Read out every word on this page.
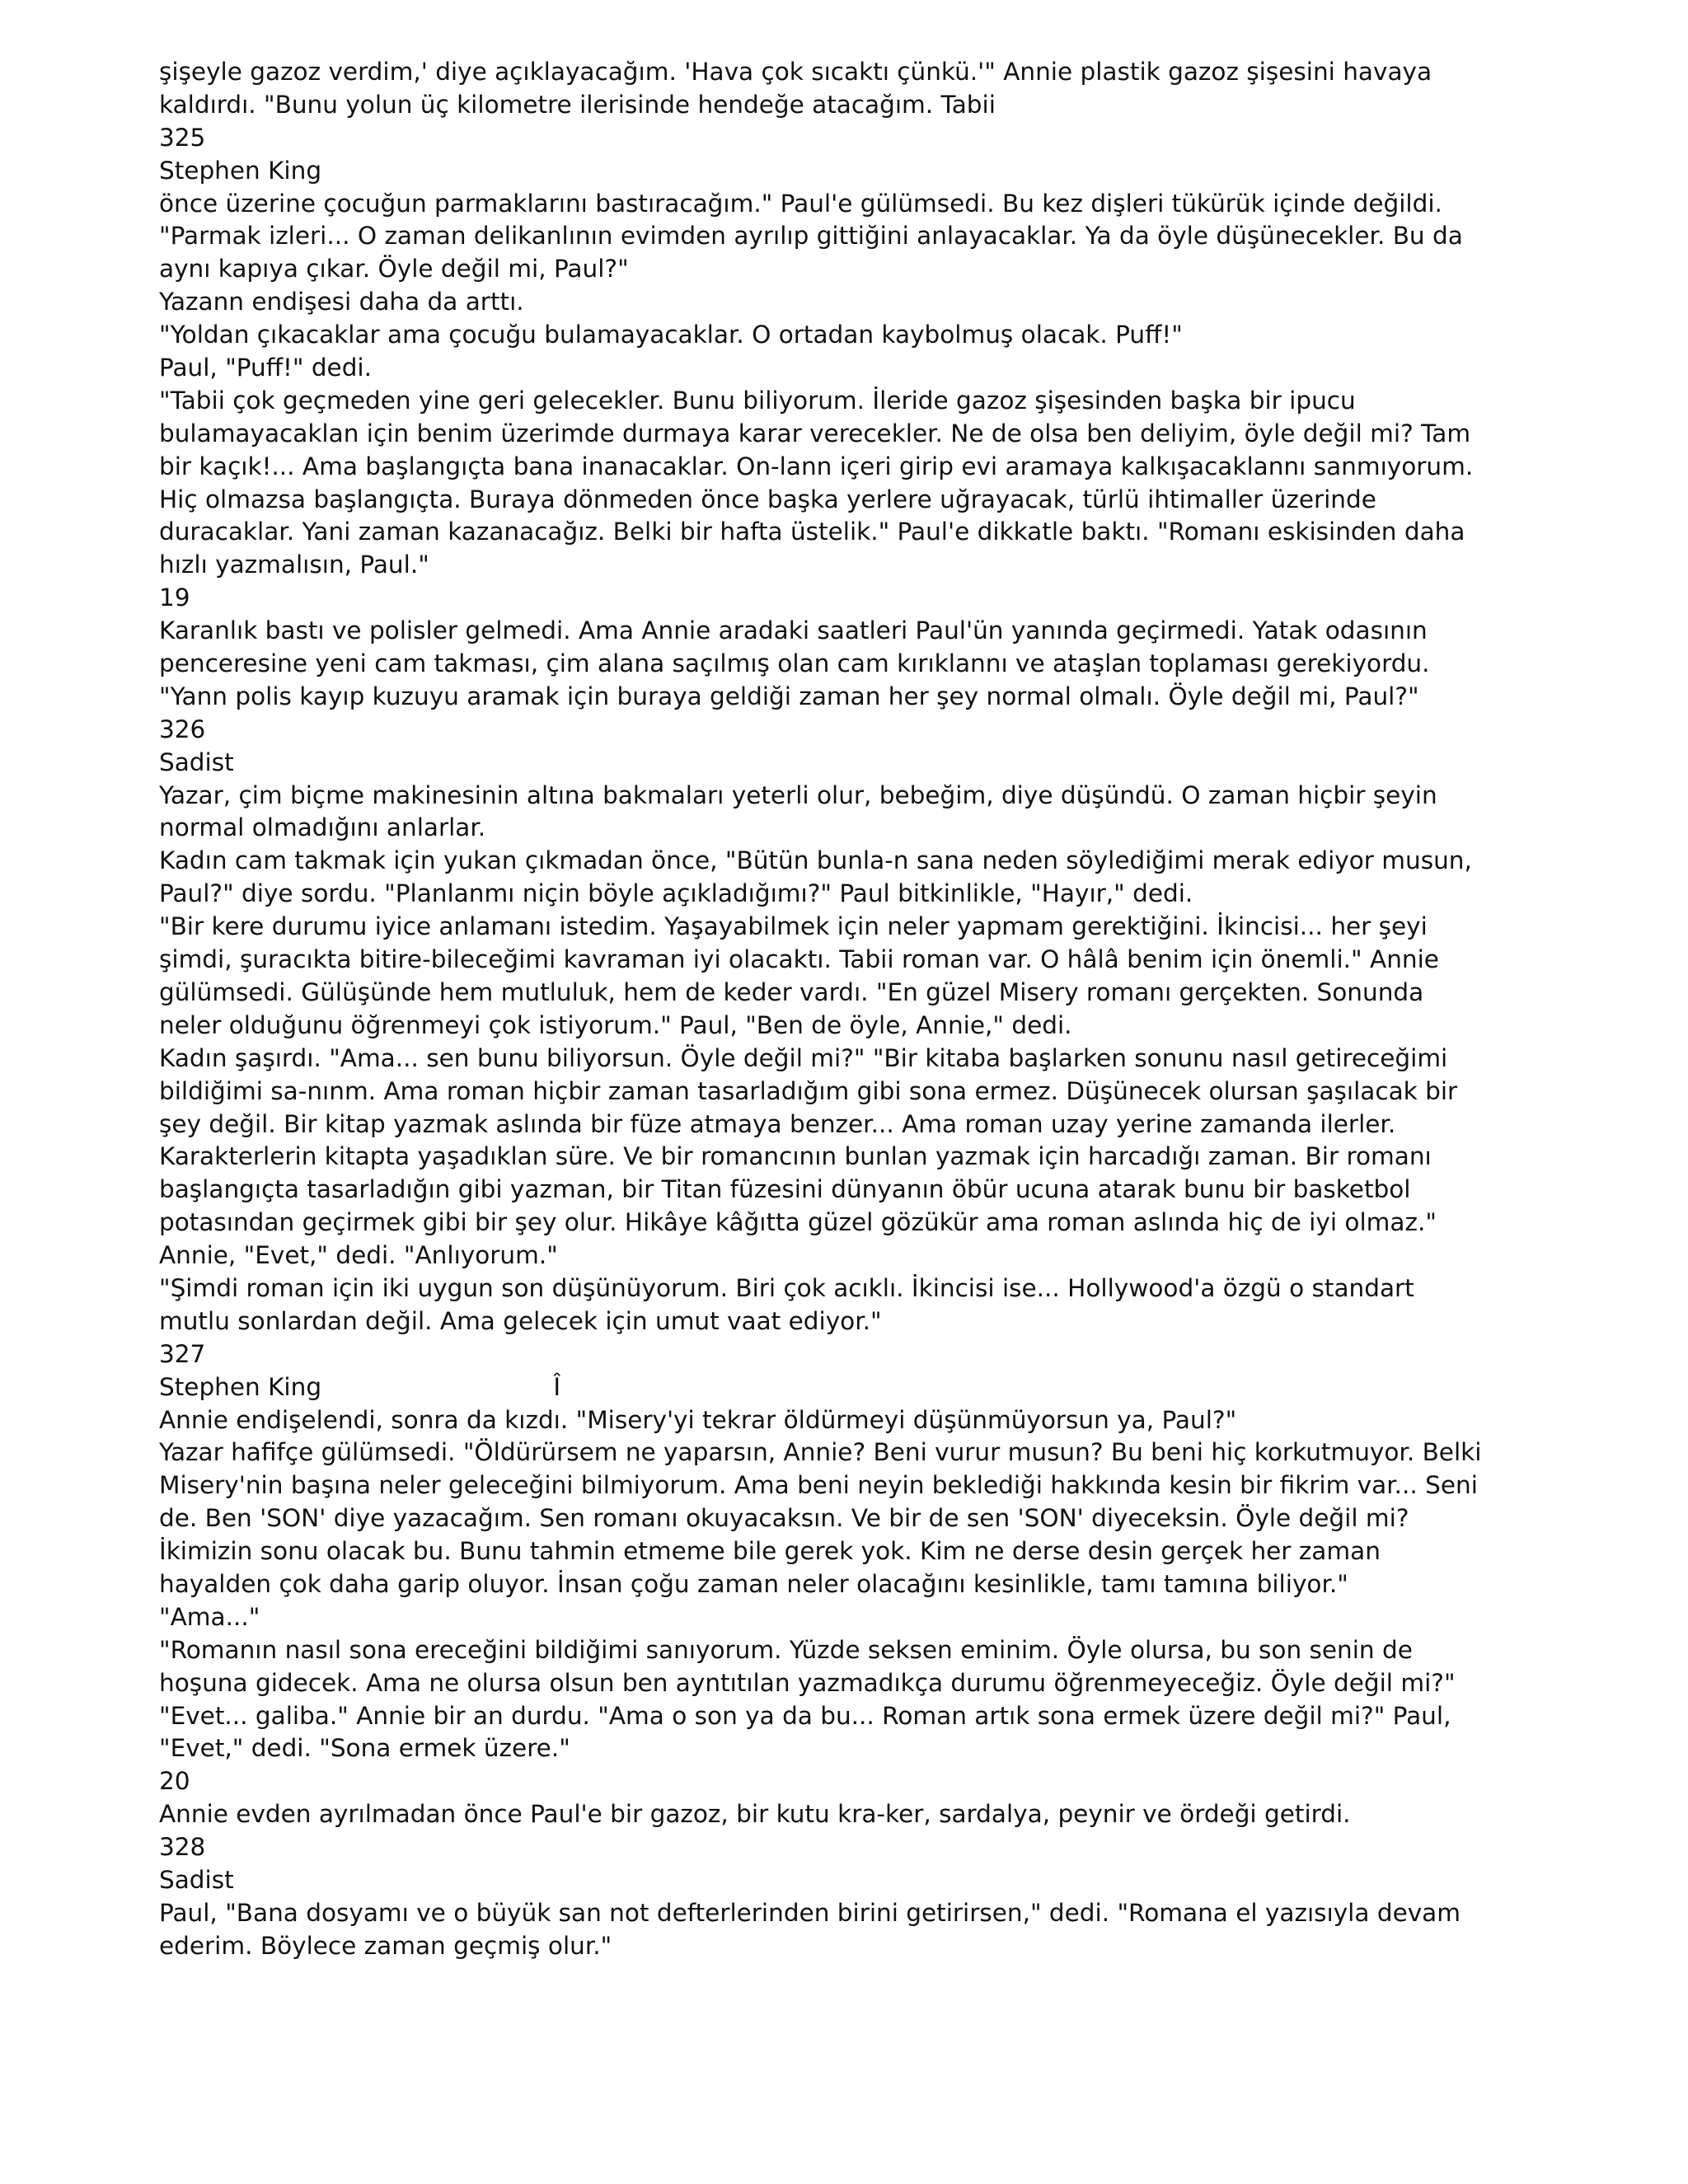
şişeyle gazoz verdim,' diye açıklayacağım. 'Hava çok sıcaktı çünkü.'" Annie plastik gazoz şişesini havaya
kaldırdı. "Bunu yolun üç kilometre ilerisinde hendeğe atacağım. Tabii
325
Stephen King
önce üzerine çocuğun parmaklarını bastıracağım." Paul'e gülümsedi. Bu kez dişleri tükürük içinde değildi.
"Parmak izleri... O zaman delikanlının evimden ayrılıp gittiğini anlayacaklar. Ya da öyle düşünecekler. Bu da
aynı kapıya çıkar. Öyle değil mi, Paul?"
Yazann endişesi daha da arttı.
"Yoldan çıkacaklar ama çocuğu bulamayacaklar. O ortadan kaybolmuş olacak. Puff!"
Paul, "Puff!" dedi.
"Tabii çok geçmeden yine geri gelecekler. Bunu biliyorum. İleride gazoz şişesinden başka bir ipucu
bulamayacaklan için benim üzerimde durmaya karar verecekler. Ne de olsa ben deliyim, öyle değil mi? Tam
bir kaçık!... Ama başlangıçta bana inanacaklar. On-lann içeri girip evi aramaya kalkışacaklannı sanmıyorum.
Hiç olmazsa başlangıçta. Buraya dönmeden önce başka yerlere uğrayacak, türlü ihtimaller üzerinde
duracaklar. Yani zaman kazanacağız. Belki bir hafta üstelik." Paul'e dikkatle baktı. "Romanı eskisinden daha
hızlı yazmalısın, Paul."
19
Karanlık bastı ve polisler gelmedi. Ama Annie aradaki saatleri Paul'ün yanında geçirmedi. Yatak odasının
penceresine yeni cam takması, çim alana saçılmış olan cam kırıklannı ve ataşlan toplaması gerekiyordu.
"Yann polis kayıp kuzuyu aramak için buraya geldiği zaman her şey normal olmalı. Öyle değil mi, Paul?"
326
Sadist
Yazar, çim biçme makinesinin altına bakmaları yeterli olur, bebeğim, diye düşündü. O zaman hiçbir şeyin
normal olmadığını anlarlar.
Kadın cam takmak için yukan çıkmadan önce, "Bütün bunla-n sana neden söylediğimi merak ediyor musun,
Paul?" diye sordu. "Planlanmı niçin böyle açıkladığımı?" Paul bitkinlikle, "Hayır," dedi.
"Bir kere durumu iyice anlamanı istedim. Yaşayabilmek için neler yapmam gerektiğini. İkincisi... her şeyi
şimdi, şuracıkta bitire-bileceğimi kavraman iyi olacaktı. Tabii roman var. O hâlâ benim için önemli." Annie
gülümsedi. Gülüşünde hem mutluluk, hem de keder vardı. "En güzel Misery romanı gerçekten. Sonunda
neler olduğunu öğrenmeyi çok istiyorum." Paul, "Ben de öyle, Annie," dedi.
Kadın şaşırdı. "Ama... sen bunu biliyorsun. Öyle değil mi?" "Bir kitaba başlarken sonunu nasıl getireceğimi
bildiğimi sa-nınm. Ama roman hiçbir zaman tasarladığım gibi sona ermez. Düşünecek olursan şaşılacak bir
şey değil. Bir kitap yazmak aslında bir füze atmaya benzer... Ama roman uzay yerine zamanda ilerler.
Karakterlerin kitapta yaşadıklan süre. Ve bir romancının bunlan yazmak için harcadığı zaman. Bir romanı
başlangıçta tasarladığın gibi yazman, bir Titan füzesini dünyanın öbür ucuna atarak bunu bir basketbol
potasından geçirmek gibi bir şey olur. Hikâye kâğıtta güzel gözükür ama roman aslında hiç de iyi olmaz."
Annie, "Evet," dedi. "Anlıyorum."
"Şimdi roman için iki uygun son düşünüyorum. Biri çok acıklı. İkincisi ise... Hollywood'a özgü o standart
mutlu sonlardan değil. Ama gelecek için umut vaat ediyor."
327
Stephen King                              Î
Annie endişelendi, sonra da kızdı. "Misery'yi tekrar öldürmeyi düşünmüyorsun ya, Paul?"
Yazar hafifçe gülümsedi. "Öldürürsem ne yaparsın, Annie? Beni vurur musun? Bu beni hiç korkutmuyor. Belki
Misery'nin başına neler geleceğini bilmiyorum. Ama beni neyin beklediği hakkında kesin bir fikrim var... Seni
de. Ben 'SON' diye yazacağım. Sen romanı okuyacaksın. Ve bir de sen 'SON' diyeceksin. Öyle değil mi?
İkimizin sonu olacak bu. Bunu tahmin etmeme bile gerek yok. Kim ne derse desin gerçek her zaman
hayalden çok daha garip oluyor. İnsan çoğu zaman neler olacağını kesinlikle, tamı tamına biliyor."
"Ama..."
"Romanın nasıl sona ereceğini bildiğimi sanıyorum. Yüzde seksen eminim. Öyle olursa, bu son senin de
hoşuna gidecek. Ama ne olursa olsun ben ayntıtılan yazmadıkça durumu öğrenmeyeceğiz. Öyle değil mi?"
"Evet... galiba." Annie bir an durdu. "Ama o son ya da bu... Roman artık sona ermek üzere değil mi?" Paul,
"Evet," dedi. "Sona ermek üzere."
20
Annie evden ayrılmadan önce Paul'e bir gazoz, bir kutu kra-ker, sardalya, peynir ve ördeği getirdi.
328
Sadist
Paul, "Bana dosyamı ve o büyük san not defterlerinden birini getirirsen," dedi. "Romana el yazısıyla devam
ederim. Böylece zaman geçmiş olur."
